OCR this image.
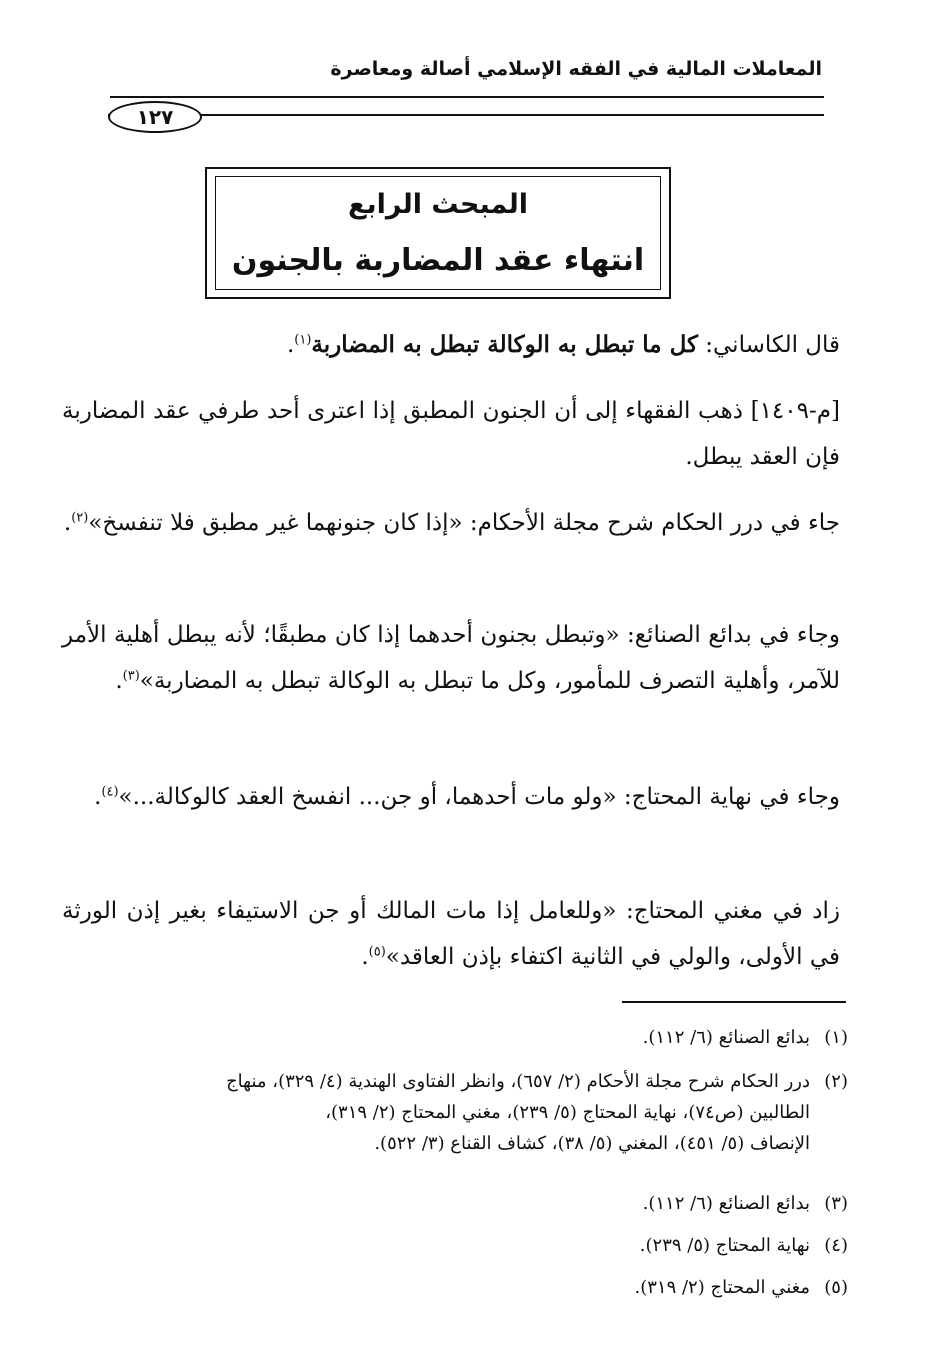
المعاملات المالية في الفقه الإسلامي أصالة ومعاصرة
١٢٧
المبحث الرابع
انتهاء عقد المضاربة بالجنون
قال الكاساني: كل ما تبطل به الوكالة تبطل به المضاربة$^{(١)}$.
[م-١٤٠٩] ذهب الفقهاء إلى أن الجنون المطبق إذا اعترى أحد طرفي عقد المضاربة فإن العقد يبطل.
جاء في درر الحكام شرح مجلة الأحكام: «إذا كان جنونهما غير مطبق فلا تنفسخ»$^{(٢)}$.
وجاء في بدائع الصنائع: «وتبطل بجنون أحدهما إذا كان مطبقًا؛ لأنه يبطل أهلية الأمر للآمر، وأهلية التصرف للمأمور، وكل ما تبطل به الوكالة تبطل به المضاربة»$^{(٣)}$.
وجاء في نهاية المحتاج: «ولو مات أحدهما، أو جن... انفسخ العقد كالوكالة...»$^{(٤)}$.
زاد في مغني المحتاج: «وللعامل إذا مات المالك أو جن الاستيفاء بغير إذن الورثة في الأولى، والولي في الثانية اكتفاء بإذن العاقد»$^{(٥)}$.
(١)بدائع الصنائع (٦/ ١١٢).
(٢)درر الحكام شرح مجلة الأحكام (٢/ ٦٥٧)، وانظر الفتاوى الهندية (٤/ ٣٢٩)، منهاج
الطالبين (ص٧٤)، نهاية المحتاج (٥/ ٢٣٩)، مغني المحتاج (٢/ ٣١٩)،
الإنصاف (٥/ ٤٥١)، المغني (٥/ ٣٨)، كشاف القناع (٣/ ٥٢٢).
(٣)بدائع الصنائع (٦/ ١١٢).
(٤)نهاية المحتاج (٥/ ٢٣٩).
(٥)مغني المحتاج (٢/ ٣١٩).
